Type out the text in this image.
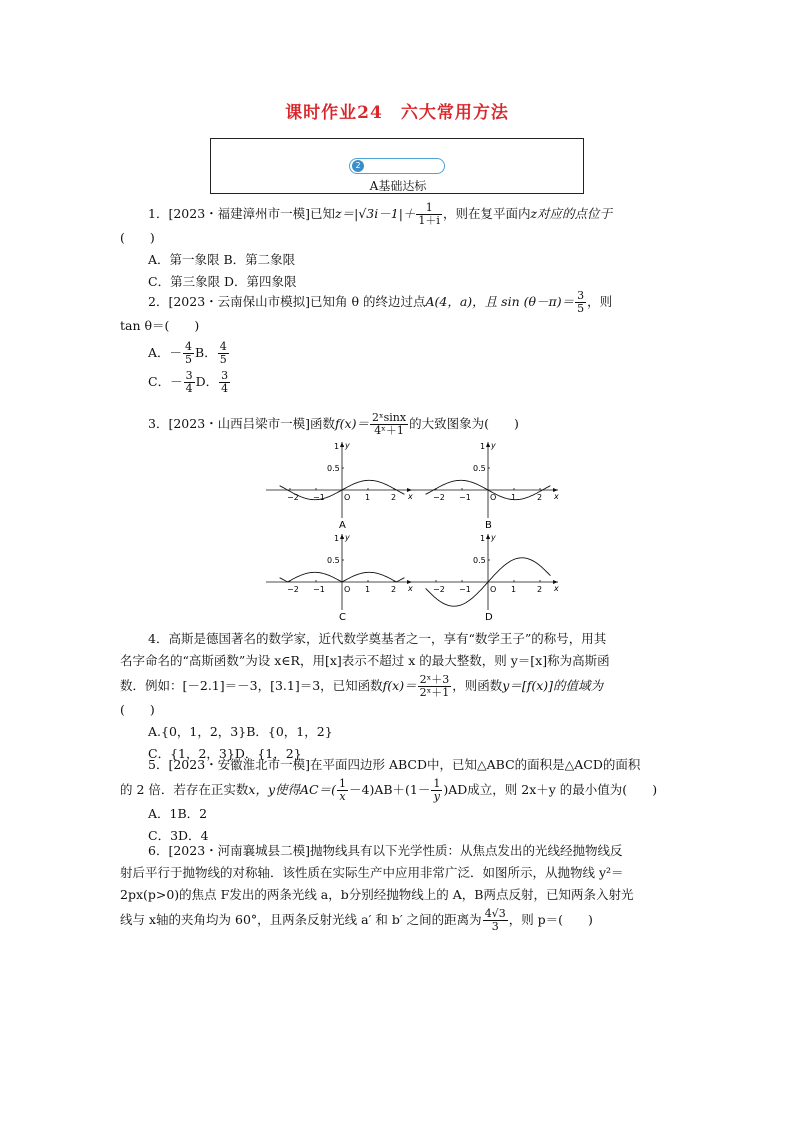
课时作业24 六大常用方法
2
A基础达标
1．[2023・福建漳州市一模]已知$z=|√3i-1|+ \frac{1}{1+i}$ ，则在复平面内z对应的点位于
(　　)
A．第一象限 B．第二象限
C．第三象限 D．第四象限
2．[2023・云南保山市模拟]已知角 θ 的终边过点A(4，a)，且 $\sin (\theta-\pi)= \frac{3}{5}$ ，则
tan θ＝(　　)
A．－ $\frac{4}{5}$ B． $\frac{4}{5}$
C．－ $\frac{3}{4}$ D． $\frac{3}{4}$
3．[2023・山西吕梁市一模]函数$f(x)= \frac{\text{2ˣsinx}}{\text{4ˣ＋1}}$ 的大致图象为(　　)
−2 −1	1	2
O	x
y
1
0.5
A
−2 −1	1	2
O	x
y
1
0.5
B
−2 −1	1	2
O	x
y
1
0.5
C
−2 −1	1	2
O	x
y
1
0.5
D
4．高斯是德国著名的数学家，近代数学奠基者之一，享有“数学王子”的称号，用其
名字命名的“高斯函数”为设 x∈R，用[x]表示不超过 x 的最大整数，则 y＝[x]称为高斯函
数．例如：[－2.1]＝－3，[3.1]＝3，已知函数$f(x)= \frac{\text{2ˣ＋3}}{\text{2ˣ＋1}}$ ，则函数y＝[f(x)]的值域为
(　　)
A.{0，1，2，3}B．{0，1，2}
C．{1，2，3}D．{1，2}
5．[2023・安徽淮北市一模]在平面四边形 ABCD中，已知△ABC的面积是△ACD的面积
的 2 倍．若存在正实数x，y使得$AC=( \frac{1}{x} -4)AB+(1- \frac{1}{y} )AD$成立，则 2x＋y 的最小值为(　　)
A．1B．2
C．3D．4
6．[2023・河南襄城县二模]抛物线具有以下光学性质：从焦点发出的光线经抛物线反
射后平行于抛物线的对称轴．该性质在实际生产中应用非常广泛．如图所示，从抛物线 y²＝
2px(p>0)的焦点 F发出的两条光线 a，b分别经抛物线上的 A，B两点反射，已知两条入射光
线与 x轴的夹角均为 60°，且两条反射光线 a′ 和 b′ 之间的距离为 $\frac{4√3}{3}$ ，则 p＝(　　)
